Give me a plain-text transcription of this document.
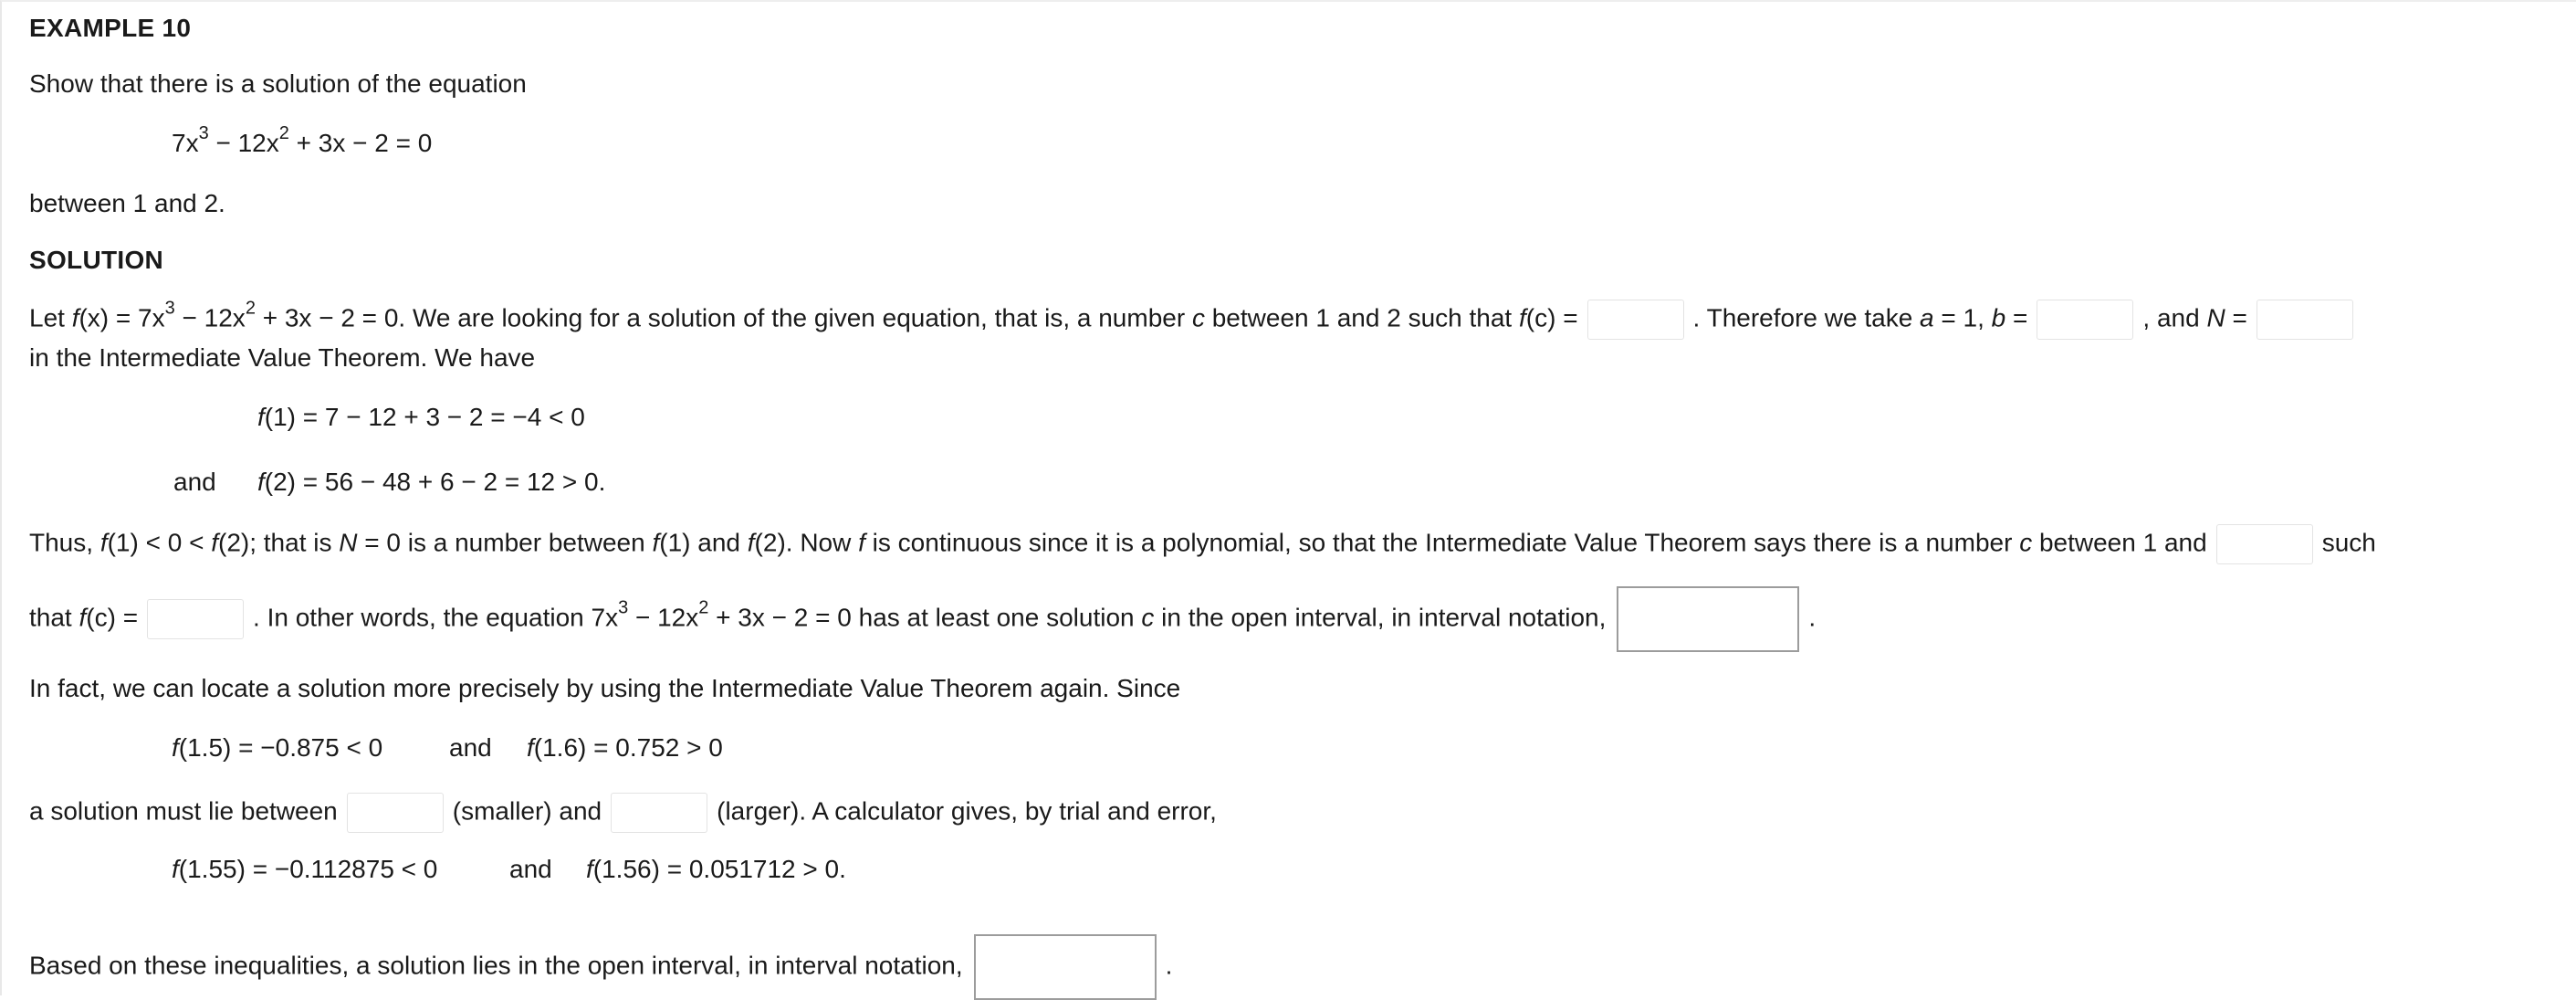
EXAMPLE 10
Show that there is a solution of the equation
$7x^3 - 12x^2 + 3x - 2 = 0$
between 1 and 2.
SOLUTION
Let $f(x) = 7x^3 - 12x^2 + 3x - 2 = 0$. We are looking for a solution of the given equation, that is, a number c between 1 and 2 such that f(c) =	. Therefore we take a = 1, b =	, and N =
in the Intermediate Value Theorem. We have
f(1) = 7 − 12 + 3 − 2 = −4 < 0
and f(2) = 56 − 48 + 6 − 2 = 12 > 0.
Thus, f(1) < 0 < f(2); that is N = 0 is a number between f(1) and f(2). Now f is continuous since it is a polynomial, so that the Intermediate Value Theorem says there is a number c between 1 and	such
that f(c) =	. In other words, the equation $7x^3 - 12x^2 + 3x - 2 = 0$ has at least one solution c in the open interval, in interval notation,	.
In fact, we can locate a solution more precisely by using the Intermediate Value Theorem again. Since
f(1.5) = −0.875 < 0	and f(1.6) = 0.752 > 0
a solution must lie between	(smaller) and	(larger). A calculator gives, by trial and error,
f(1.55) = −0.112875 < 0	and f(1.56) = 0.051712 > 0.
Based on these inequalities, a solution lies in the open interval, in interval notation,	.
